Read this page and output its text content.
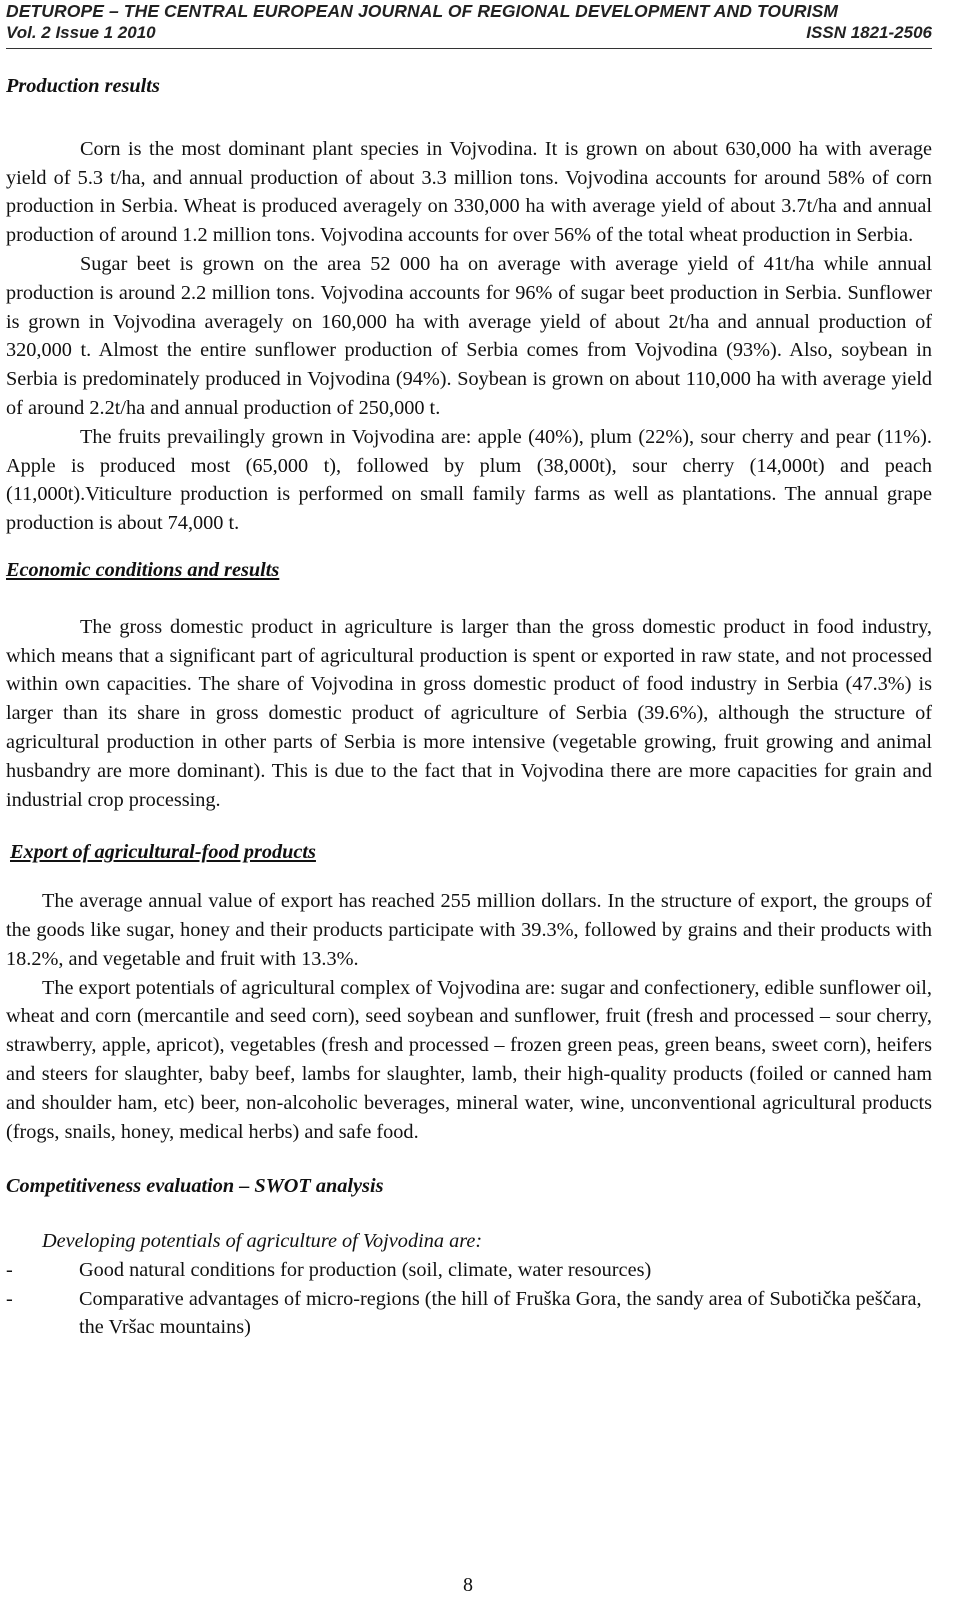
DETUROPE – THE CENTRAL EUROPEAN JOURNAL OF REGIONAL DEVELOPMENT AND TOURISM
Vol. 2 Issue 1 2010	ISSN 1821-2506

Production results

Corn is the most dominant plant species in Vojvodina. It is grown on about 630,000 ha with average yield of 5.3 t/ha, and annual production of about 3.3 million tons. Vojvodina accounts for around 58% of corn production in Serbia. Wheat is produced averagely on 330,000 ha with average yield of about 3.7t/ha and annual production of around 1.2 million tons. Vojvodina accounts for over 56% of the total wheat production in Serbia.

Sugar beet is grown on the area 52 000 ha on average with average yield of 41t/ha while annual production is around 2.2 million tons. Vojvodina accounts for 96% of sugar beet production in Serbia. Sunflower is grown in Vojvodina averagely on 160,000 ha with average yield of about 2t/ha and annual production of 320,000 t. Almost the entire sunflower production of Serbia comes from Vojvodina (93%). Also, soybean in Serbia is predominately produced in Vojvodina (94%). Soybean is grown on about 110,000 ha with average yield of around 2.2t/ha and annual production of 250,000 t.

The fruits prevailingly grown in Vojvodina are: apple (40%), plum (22%), sour cherry and pear (11%). Apple is produced most (65,000 t), followed by plum (38,000t), sour cherry (14,000t) and peach (11,000t).Viticulture production is performed on small family farms as well as plantations. The annual grape production is about 74,000 t.

Economic conditions and results

The gross domestic product in agriculture is larger than the gross domestic product in food industry, which means that a significant part of agricultural production is spent or exported in raw state, and not processed within own capacities. The share of Vojvodina in gross domestic product of food industry in Serbia (47.3%) is larger than its share in gross domestic product of agriculture of Serbia (39.6%), although the structure of agricultural production in other parts of Serbia is more intensive (vegetable growing, fruit growing and animal husbandry are more dominant). This is due to the fact that in Vojvodina there are more capacities for grain and industrial crop processing.

Export of agricultural-food products

The average annual value of export has reached 255 million dollars. In the structure of export, the groups of the goods like sugar, honey and their products participate with 39.3%, followed by grains and their products with 18.2%, and vegetable and fruit with 13.3%.

The export potentials of agricultural complex of Vojvodina are: sugar and confectionery, edible sunflower oil, wheat and corn (mercantile and seed corn), seed soybean and sunflower, fruit (fresh and processed – sour cherry, strawberry, apple, apricot), vegetables (fresh and processed – frozen green peas, green beans, sweet corn), heifers and steers for slaughter, baby beef, lambs for slaughter, lamb, their high-quality products (foiled or canned ham and shoulder ham, etc) beer, non-alcoholic beverages, mineral water, wine, unconventional agricultural products (frogs, snails, honey, medical herbs) and safe food.

Competitiveness evaluation – SWOT analysis

Developing potentials of agriculture of Vojvodina are:

-	Good natural conditions for production (soil, climate, water resources)
-	Comparative advantages of micro-regions (the hill of Fruška Gora, the sandy area of Subotička peščara, the Vršac mountains)
8
